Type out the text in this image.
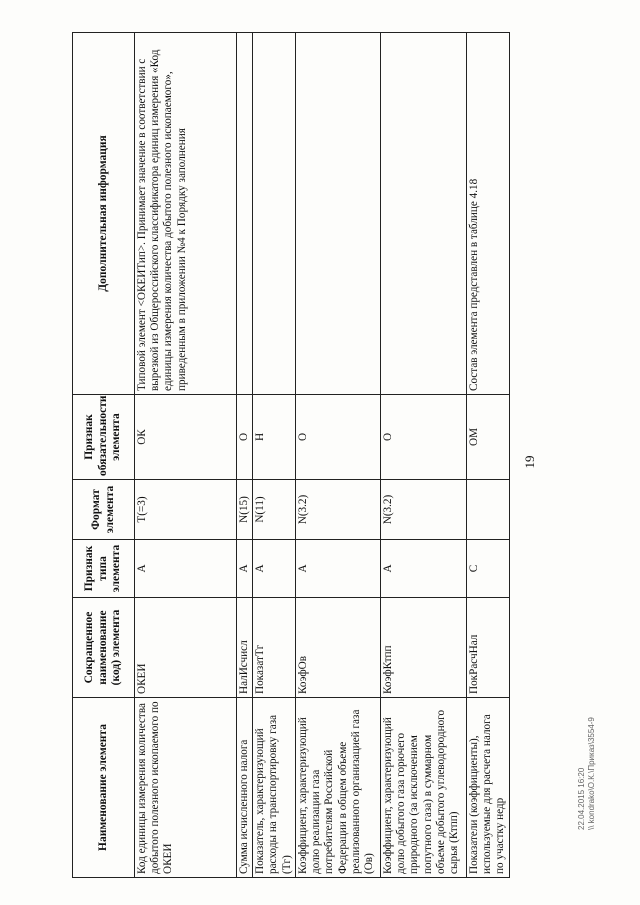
19
Наименование элемента	Сокращенное наименование (код) элемента	Признак типа элемента	Формат элемента	Признак обязательности элемента	Дополнительная информация
Код единицы измерения количества добытого полезного ископаемого по ОКЕИ	ОКЕИ	А	T(=3)	ОК	Типовой элемент <ОКЕИТип>. Принимает значение в соответствии с вырезкой из Общероссийского классификатора единиц измерения «Код единицы измерения количества добытого полезного ископаемого», приведенным в приложении №4 к Порядку заполнения
Сумма исчисленного налога	НалИсчисл	А	N(15)	О	
Показатель, характеризующий расходы на транспортировку газа (Тг)	ПоказатТг	А	N(11)	Н	
Коэффициент, характеризующий долю реализации газа потребителям Российской Федерации в общем объеме реализованного организацией газа (Ов)	КоэфОв	А	N(3.2)	О	
Коэффициент, характеризующий долю добытого газа горючего природного (за исключением попутного газа) в суммарном объеме добытого углеводородного сырья (Ктпп)	КоэфКтпп	А	N(3.2)	О	
Показатели (коэффициенты), используемые для расчета налога по участку недр	ПокРасчНал	С		ОМ	Состав элемента представлен в таблице 4.18
22.04.2015 16:20 \\ kondrako\О.К.\Приказ\3554-9
